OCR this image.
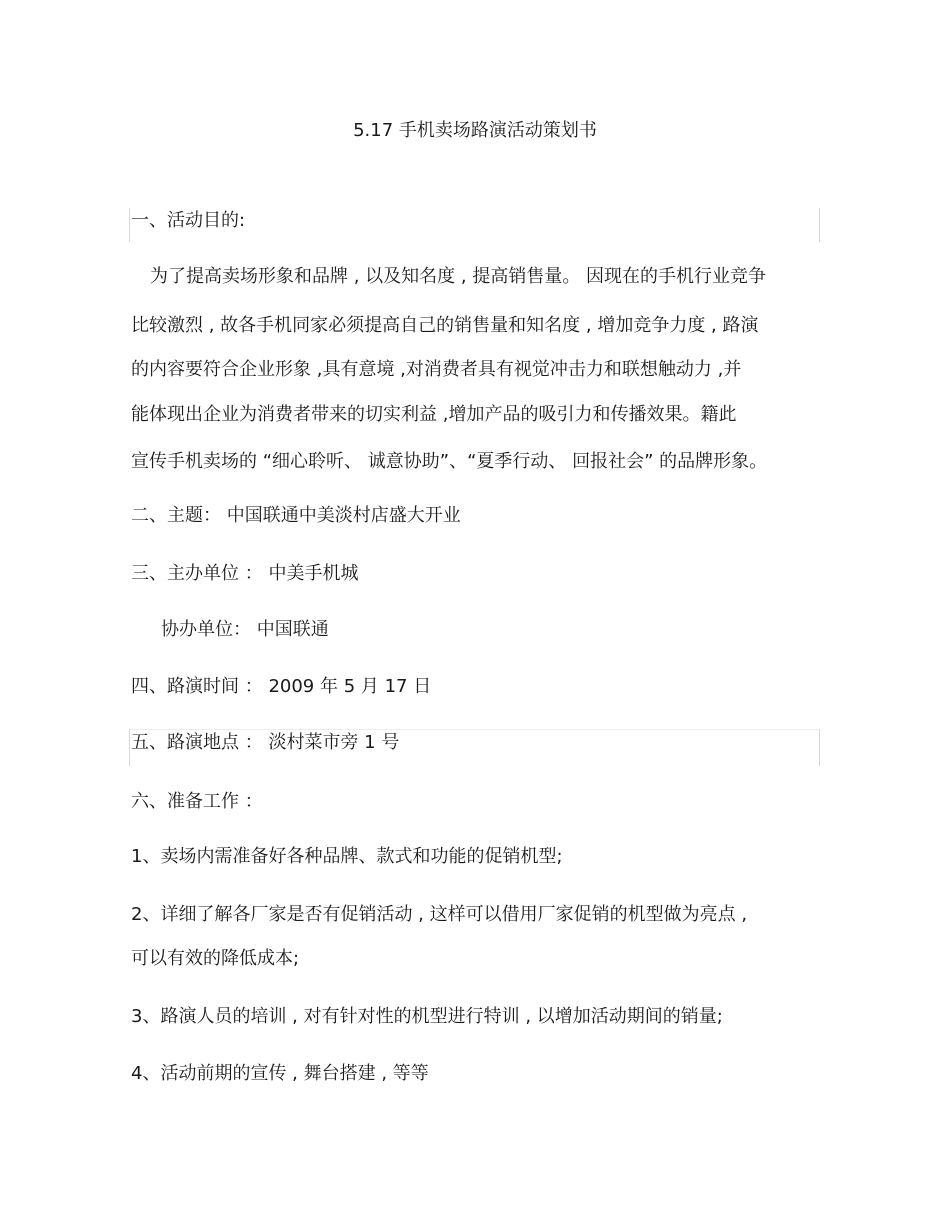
5.17 手机卖场路演活动策划书
一、活动目的:
为了提高卖场形象和品牌 , 以及知名度 , 提高销售量。 因现在的手机行业竞争
比较激烈 , 故各手机同家必须提高自己的销售量和知名度 , 增加竞争力度 , 路演
的内容要符合企业形象 ,具有意境 ,对消费者具有视觉冲击力和联想触动力 ,并
能体现出企业为消费者带来的切实利益 ,增加产品的吸引力和传播效果。籍此
宣传手机卖场的 “细心聆听、 诚意协助”、“夏季行动、 回报社会” 的品牌形象。
二、主题： 中国联通中美淡村店盛大开业
三、主办单位 ： 中美手机城
协办单位： 中国联通
四、路演时间 ： 2009 年 5 月 17 日
五、路演地点 ： 淡村菜市旁 1 号
六、准备工作 ：
1、卖场内需准备好各种品牌、款式和功能的促销机型;
2、详细了解各厂家是否有促销活动 , 这样可以借用厂家促销的机型做为亮点 ,
可以有效的降低成本;
3、路演人员的培训 , 对有针对性的机型进行特训 , 以增加活动期间的销量;
4、活动前期的宣传 , 舞台搭建 , 等等
